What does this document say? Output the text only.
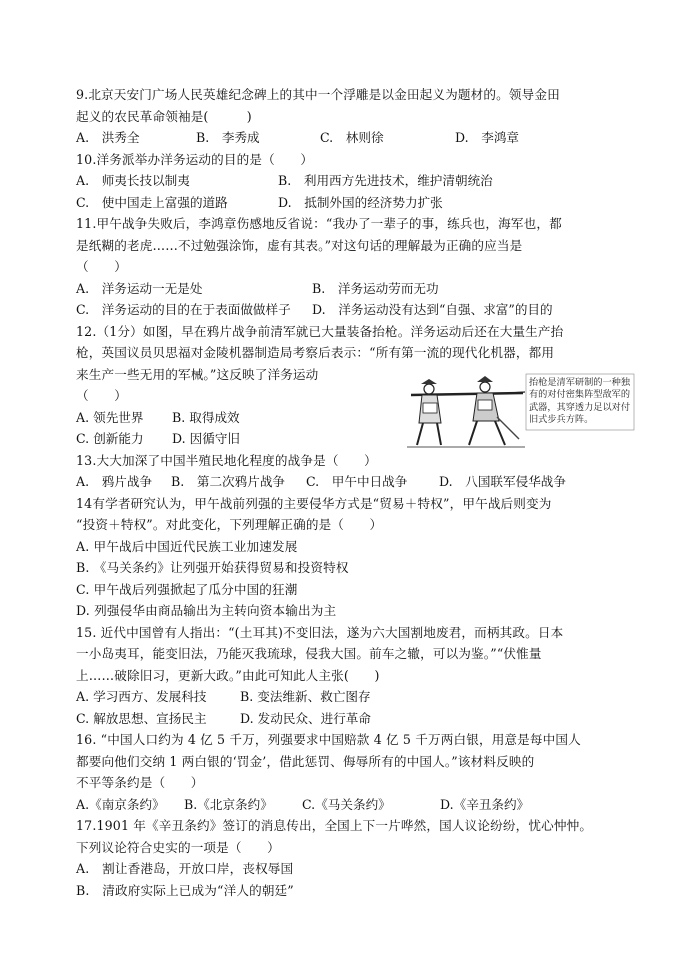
9.北京天安门广场人民英雄纪念碑上的其中一个浮雕是以金田起义为题材的。领导金田
起义的农民革命领袖是(　　　)
A.　洪秀全	B.　李秀成	C.　林则徐	D.　李鸿章
10.洋务派举办洋务运动的目的是（　　）
A.　师夷长技以制夷	B.　利用西方先进技术，维护清朝统治
C.　使中国走上富强的道路	D.　抵制外国的经济势力扩张
11.甲午战争失败后，李鸿章伤感地反省说：“我办了一辈子的事，练兵也，海军也，都
是纸糊的老虎……不过勉强涂饰，虚有其表。”对这句话的理解最为正确的应当是
（　　）
A.　洋务运动一无是处	B.　洋务运动劳而无功
C.　洋务运动的目的在于表面做做样子	D.　洋务运动没有达到“自强、求富”的目的
12.（1分）如图，早在鸦片战争前清军就已大量装备抬枪。洋务运动后还在大量生产抬
枪，英国议员贝思福对金陵机器制造局考察后表示：“所有第一流的现代化机器，都用
来生产一些无用的军械。”这反映了洋务运动
（　　）
A. 领先世界	B. 取得成效
C. 创新能力	D. 因循守旧
抬枪是清军研制的一种独有的对付密集阵型敌军的武器，其穿透力足以对付旧式步兵方阵。
13.大大加深了中国半殖民地化程度的战争是（　　）
A.　鸦片战争	B.　第二次鸦片战争	C.　甲午中日战争	D.　八国联军侵华战争
14有学者研究认为，甲午战前列强的主要侵华方式是“贸易＋特权”，甲午战后则变为
“投资＋特权”。对此变化，下列理解正确的是（　　）
A. 甲午战后中国近代民族工业加速发展
B. 《马关条约》让列强开始获得贸易和投资特权
C. 甲午战后列强掀起了瓜分中国的狂潮
D. 列强侵华由商品输出为主转向资本输出为主
15. 近代中国曾有人指出：“(土耳其)不变旧法，遂为六大国割地废君，而柄其政。日本
一小岛夷耳，能变旧法，乃能灭我琉球，侵我大国。前车之辙，可以为鉴。”“伏惟量
上……破除旧习，更新大政。”由此可知此人主张(　　)
A. 学习西方、发展科技	B. 变法维新、救亡图存
C. 解放思想、宣扬民主	D. 发动民众、进行革命
16. “中国人口约为 4 亿 5 千万，列强要求中国赔款 4 亿 5 千万两白银，用意是每中国人
都要向他们交纳 1 两白银的‘罚金’，借此惩罚、侮辱所有的中国人。”该材料反映的
不平等条约是（　　）
A.《南京条约》	B.《北京条约》	C.《马关条约》	D.《辛丑条约》
17.1901 年《辛丑条约》签订的消息传出，全国上下一片哗然，国人议论纷纷，忧心忡忡。
下列议论符合史实的一项是（　　）
A.　割让香港岛，开放口岸，丧权辱国
B.　清政府实际上已成为“洋人的朝廷”
